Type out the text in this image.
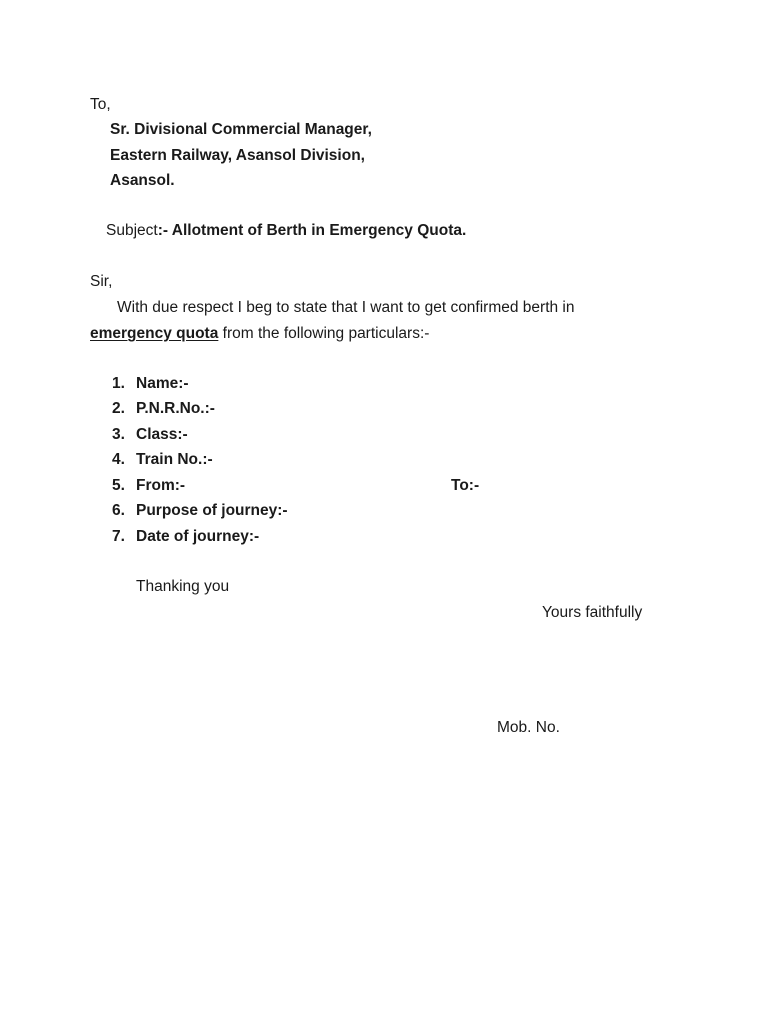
To,
Sr. Divisional Commercial Manager,
Eastern Railway, Asansol Division,
Asansol.
Subject:- Allotment of Berth in Emergency Quota.
Sir,
With due respect I beg to state that I want to get confirmed berth in
emergency quota from the following particulars:-
1. Name:-
2. P.N.R.No.:-
3. Class:-
4. Train No.:-
5. From:-	To:-
6. Purpose of journey:-
7. Date of journey:-
Thanking you
Yours faithfully
Mob. No.
